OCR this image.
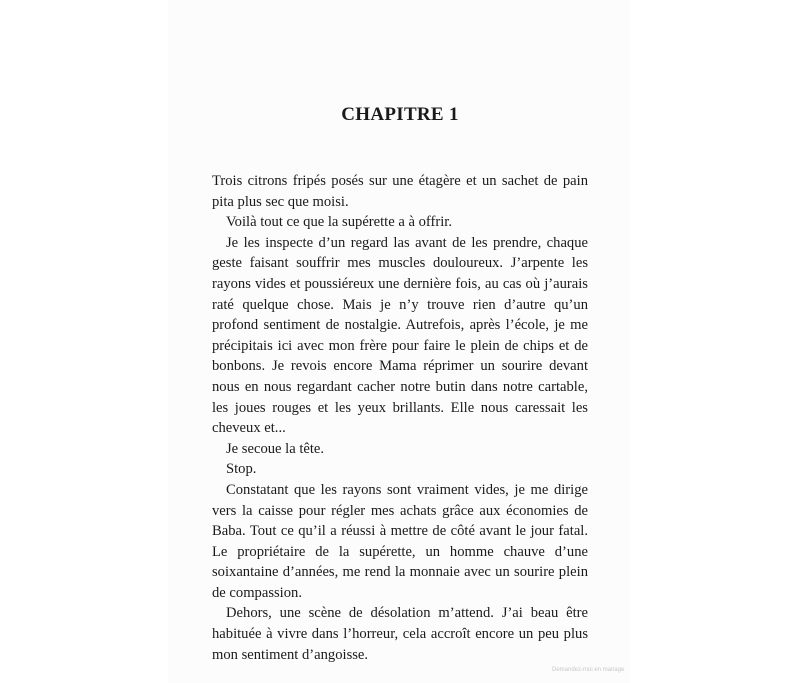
CHAPITRE 1

Trois citrons fripés posés sur une étagère et un sachet de pain pita plus sec que moisi.

Voilà tout ce que la supérette a à offrir.

Je les inspecte d’un regard las avant de les prendre, chaque geste faisant souffrir mes muscles douloureux. J’arpente les rayons vides et poussiéreux une dernière fois, au cas où j’aurais raté quelque chose. Mais je n’y trouve rien d’autre qu’un profond sentiment de nostalgie. Autrefois, après l’école, je me précipitais ici avec mon frère pour faire le plein de chips et de bonbons. Je revois encore Mama réprimer un sourire devant nous en nous regardant cacher notre butin dans notre cartable, les joues rouges et les yeux brillants. Elle nous caressait les cheveux et...

Je secoue la tête.

Stop.

Constatant que les rayons sont vraiment vides, je me dirige vers la caisse pour régler mes achats grâce aux économies de Baba. Tout ce qu’il a réussi à mettre de côté avant le jour fatal. Le propriétaire de la supérette, un homme chauve d’une soixantaine d’années, me rend la monnaie avec un sourire plein de compassion.

Dehors, une scène de désolation m’attend. J’ai beau être habituée à vivre dans l’horreur, cela accroît encore un peu plus mon sentiment d’angoisse.

Demandez-moi en mariage
